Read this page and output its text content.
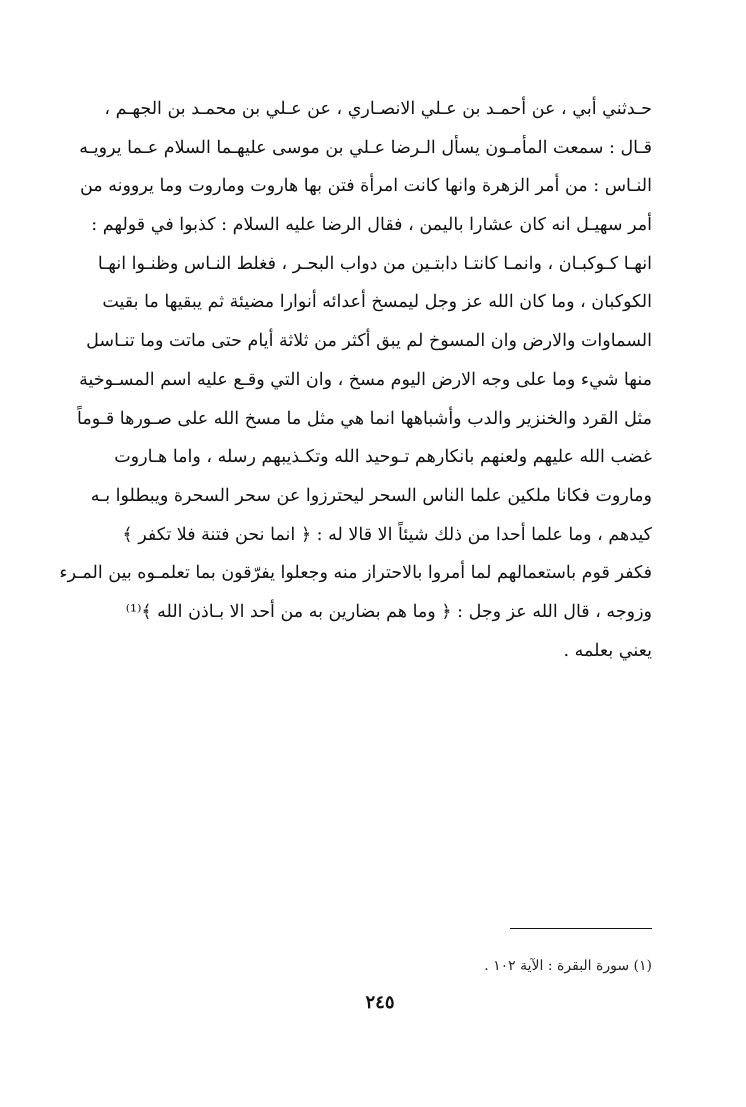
حـدثني أبي ، عن أحمـد بن عـلي الانصـاري ، عن عـلي بن محمـد بن الجهـم ،
قـال : سمعت المأمـون يسأل الـرضا عـلي بن موسى عليهـما السلام عـما يرويـه
النـاس : من أمر الزهرة وانها كانت امرأة فتن بها هاروت وماروت وما يروونه من
أمر سهيـل انه كان عشارا باليمن ، فقال الرضا عليه السلام : كذبوا في قولهم :
انهـا كـوكبـان ، وانمـا كانتـا دابتـين من دواب البحـر ، فغلط النـاس وظنـوا انهـا
الكوكبان ، وما كان الله عز وجل ليمسخ أعدائه أنوارا مضيئة ثم يبقيها ما بقيت
السماوات والارض وان المسوخ لم يبق أكثر من ثلاثة أيام حتى ماتت وما تنـاسل
منها شيء وما على وجه الارض اليوم مسخ ، وان التي وقـع عليه اسم المسـوخية
مثل القرد والخنزير والدب وأشباهها انما هي مثل ما مسخ الله على صـورها قـوماً
غضب الله عليهم ولعنهم بانكارهم تـوحيد الله وتكـذيبهم رسله ، واما هـاروت
وماروت فكانا ملكين علما الناس السحر ليحترزوا عن سحر السحرة ويبطلوا بـه
كيدهم ، وما علما أحدا من ذلك شيئاً الا قالا له : ﴿ انما نحن فتنة فلا تكفر ﴾
فكفر قوم باستعمالهم لما أمروا بالاحتراز منه وجعلوا يفرّقون بما تعلمـوه بين المـرء
وزوجه ، قال الله عز وجل : ﴿ وما هم بضارين به من أحد الا بـاذن الله ﴾⁽¹⁾
يعني بعلمه .
(١) سورة البقرة : الآية ١٠٢ .
٢٤٥
